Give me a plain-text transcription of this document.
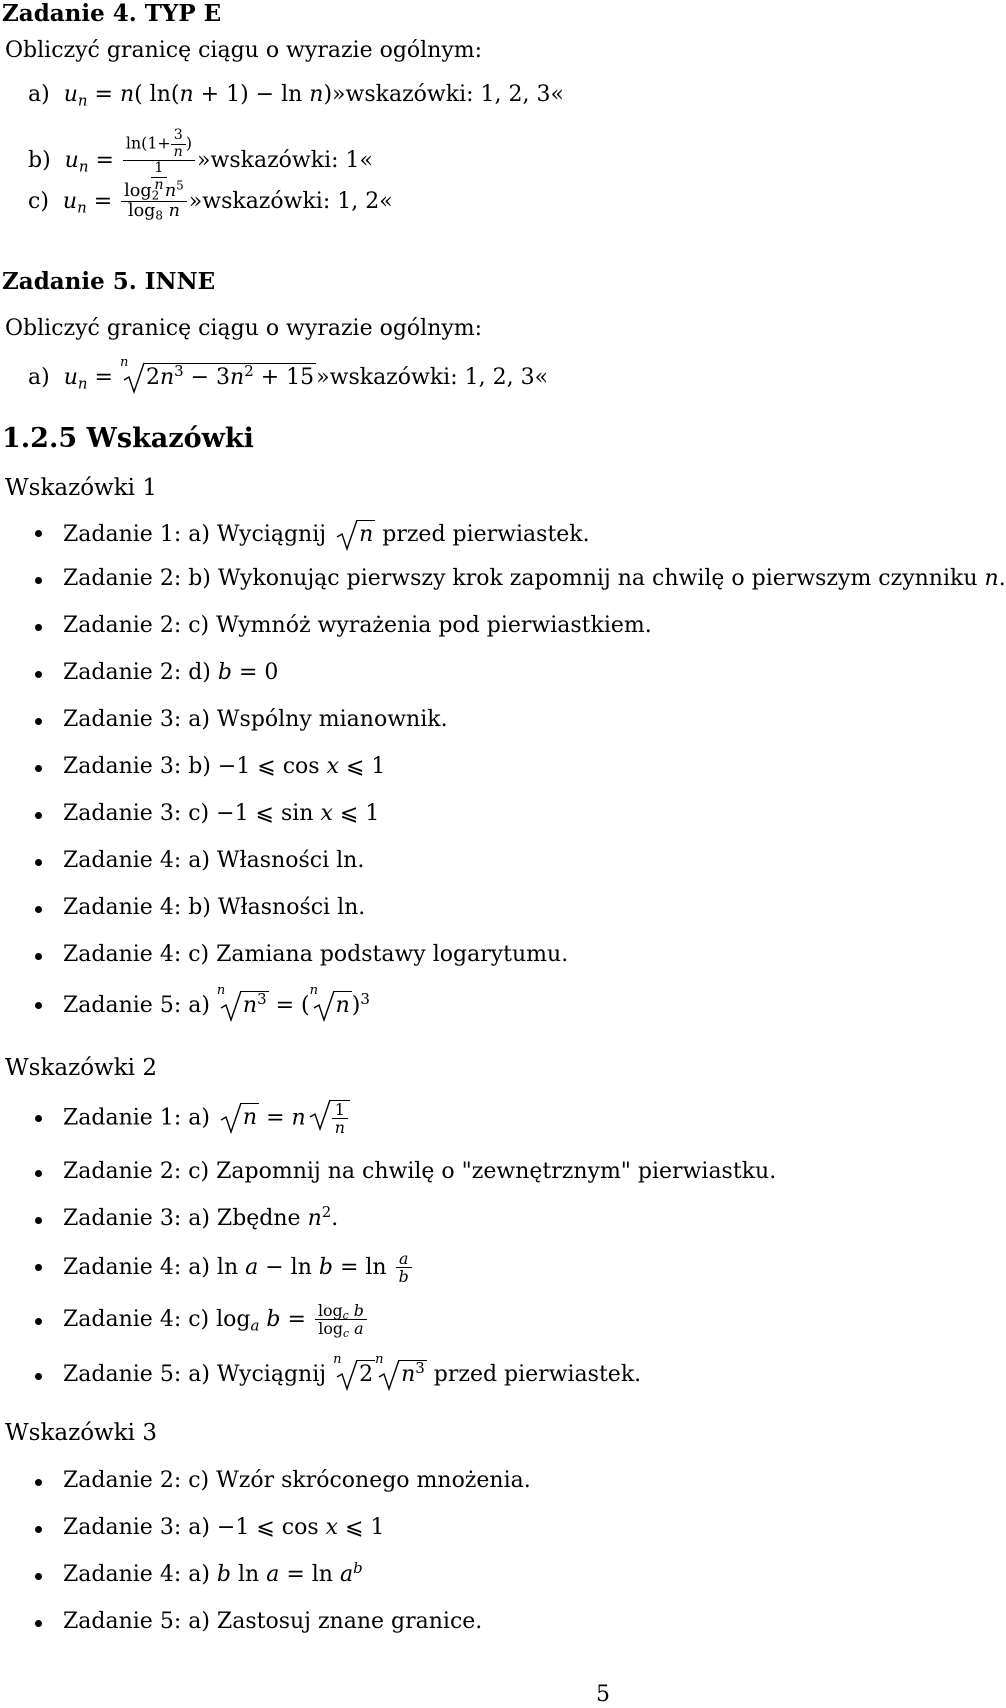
Zadanie 4. TYP E
Obliczyć granicę ciągu o wyrazie ogólnym:
a) $u_n = n$( ln(n + 1) − ln n)»wskazówki: 1, 2, 3«
b) $u_n = \frac{\ln(1+ \frac{3}{n} )}{\frac{1}{n}}$ »wskazówki: 1«
c) $u_n = \frac{\log_2 n^5}{\log_8 n}$ »wskazówki: 1, 2«
Zadanie 5. INNE
Obliczyć granicę ciągu o wyrazie ogólnym:
a) $u_n$ =
n
$2n^3 - 3n^2$ + 15»wskazówki: 1, 2, 3«
1.2.5 Wskazówki
Wskazówki 1
Zadanie 1: a) Wyciągnij n przed pierwiastek.
Zadanie 2: b) Wykonując pierwszy krok zapomnij na chwilę o pierwszym czynniku n.
Zadanie 2: c) Wymnóż wyrażenia pod pierwiastkiem.
Zadanie 2: d) b = 0
Zadanie 3: a) Wspólny mianownik.
Zadanie 3: b) −1 ⩽ cos x ⩽ 1
Zadanie 3: c) −1 ⩽ sin x ⩽ 1
Zadanie 4: a) Własności ln.
Zadanie 4: b) Własności ln.
Zadanie 4: c) Zamiana podstawy logarytumu.
Zadanie 5: a)
n
$n^3$ = (
n
n)$^3$
Wskazówki 2
Zadanie 1: a) n = n $\frac{1}{n}$
Zadanie 2: c) Zapomnij na chwilę o "zewnętrznym" pierwiastku.
Zadanie 3: a) Zbędne $n^2$.
Zadanie 4: a) $\ln a - \ln b = \ln \frac{a}{b}$
Zadanie 4: c) $\log_a b = \frac{\log_c b}{\log_c a}$
Zadanie 5: a) Wyciągnij
n
2
n
$n^3$ przed pierwiastek.
Wskazówki 3
Zadanie 2: c) Wzór skróconego mnożenia.
Zadanie 3: a) −1 ⩽ cos x ⩽ 1
Zadanie 4: a) b $\ln a = \ln a^b$
Zadanie 5: a) Zastosuj znane granice.
5
